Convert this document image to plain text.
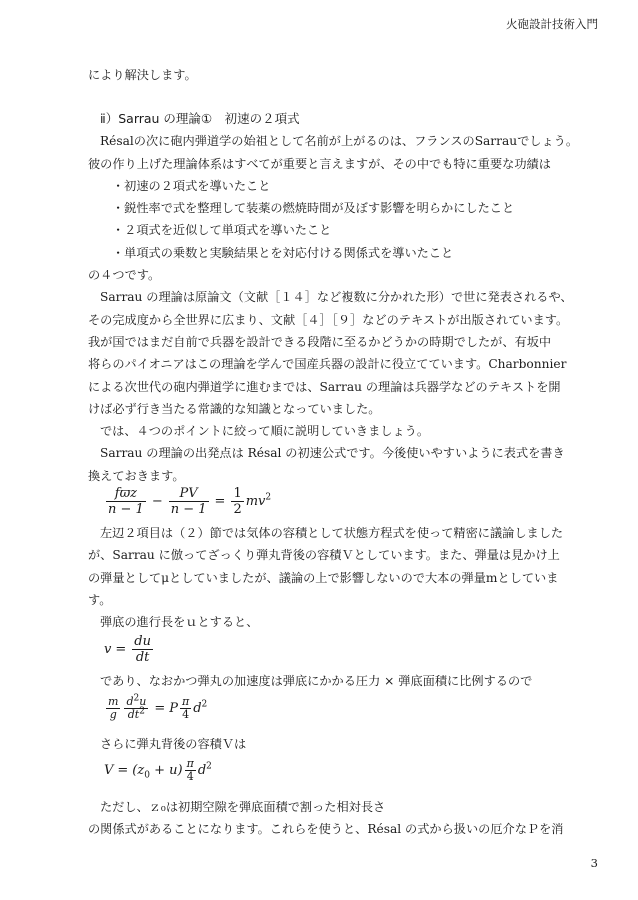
火砲設計技術入門
により解決します。
ⅱ）Sarrau の理論①　初速の２項式
Résalの次に砲内弾道学の始祖として名前が上がるのは、フランスのSarrauでしょう。
彼の作り上げた理論体系はすべてが重要と言えますが、その中でも特に重要な功績は
・初速の２項式を導いたこと
・鋭性率で式を整理して装薬の燃焼時間が及ぼす影響を明らかにしたこと
・２項式を近似して単項式を導いたこと
・単項式の乗数と実験結果とを対応付ける関係式を導いたこと
の４つです。
Sarrau の理論は原論文（文献［１４］など複数に分かれた形）で世に発表されるや、
その完成度から全世界に広まり、文献［４］［９］などのテキストが出版されています。
我が国ではまだ自前で兵器を設計できる段階に至るかどうかの時期でしたが、有坂中
将らのパイオニアはこの理論を学んで国産兵器の設計に役立てています。Charbonnier
による次世代の砲内弾道学に進むまでは、Sarrau の理論は兵器学などのテキストを開
けば必ず行き当たる常識的な知識となっていました。
では、４つのポイントに絞って順に説明していきましょう。
Sarrau の理論の出発点は Résal の初速公式です。今後使いやすいように表式を書き
換えておきます。
$\frac{\text{fϖz}}{n - 1} - \frac{PV}{n - 1} = \frac{1}{2} mv^2$
左辺２項目は（２）節では気体の容積として状態方程式を使って精密に議論しました
が、Sarrau に倣ってざっくり弾丸背後の容積Ｖとしています。また、弾量は見かけ上
の弾量としてμとしていましたが、議論の上で影響しないので大本の弾量mとしていま
す。
弾底の進行長をｕとすると、
$v = \frac{du}{dt}$
であり、なおかつ弾丸の加速度は弾底にかかる圧力 × 弾底面積に比例するので
$\frac{m}{g} \frac{d^2u}{dt^2} = P \frac{\pi}{4} d^2$
さらに弾丸背後の容積Ｖは
$V = (z_0 + u) \frac{\pi}{4} d^2$
ただし、ｚ₀は初期空隙を弾底面積で割った相対長さ
の関係式があることになります。これらを使うと、Résal の式から扱いの厄介なＰを消
3
